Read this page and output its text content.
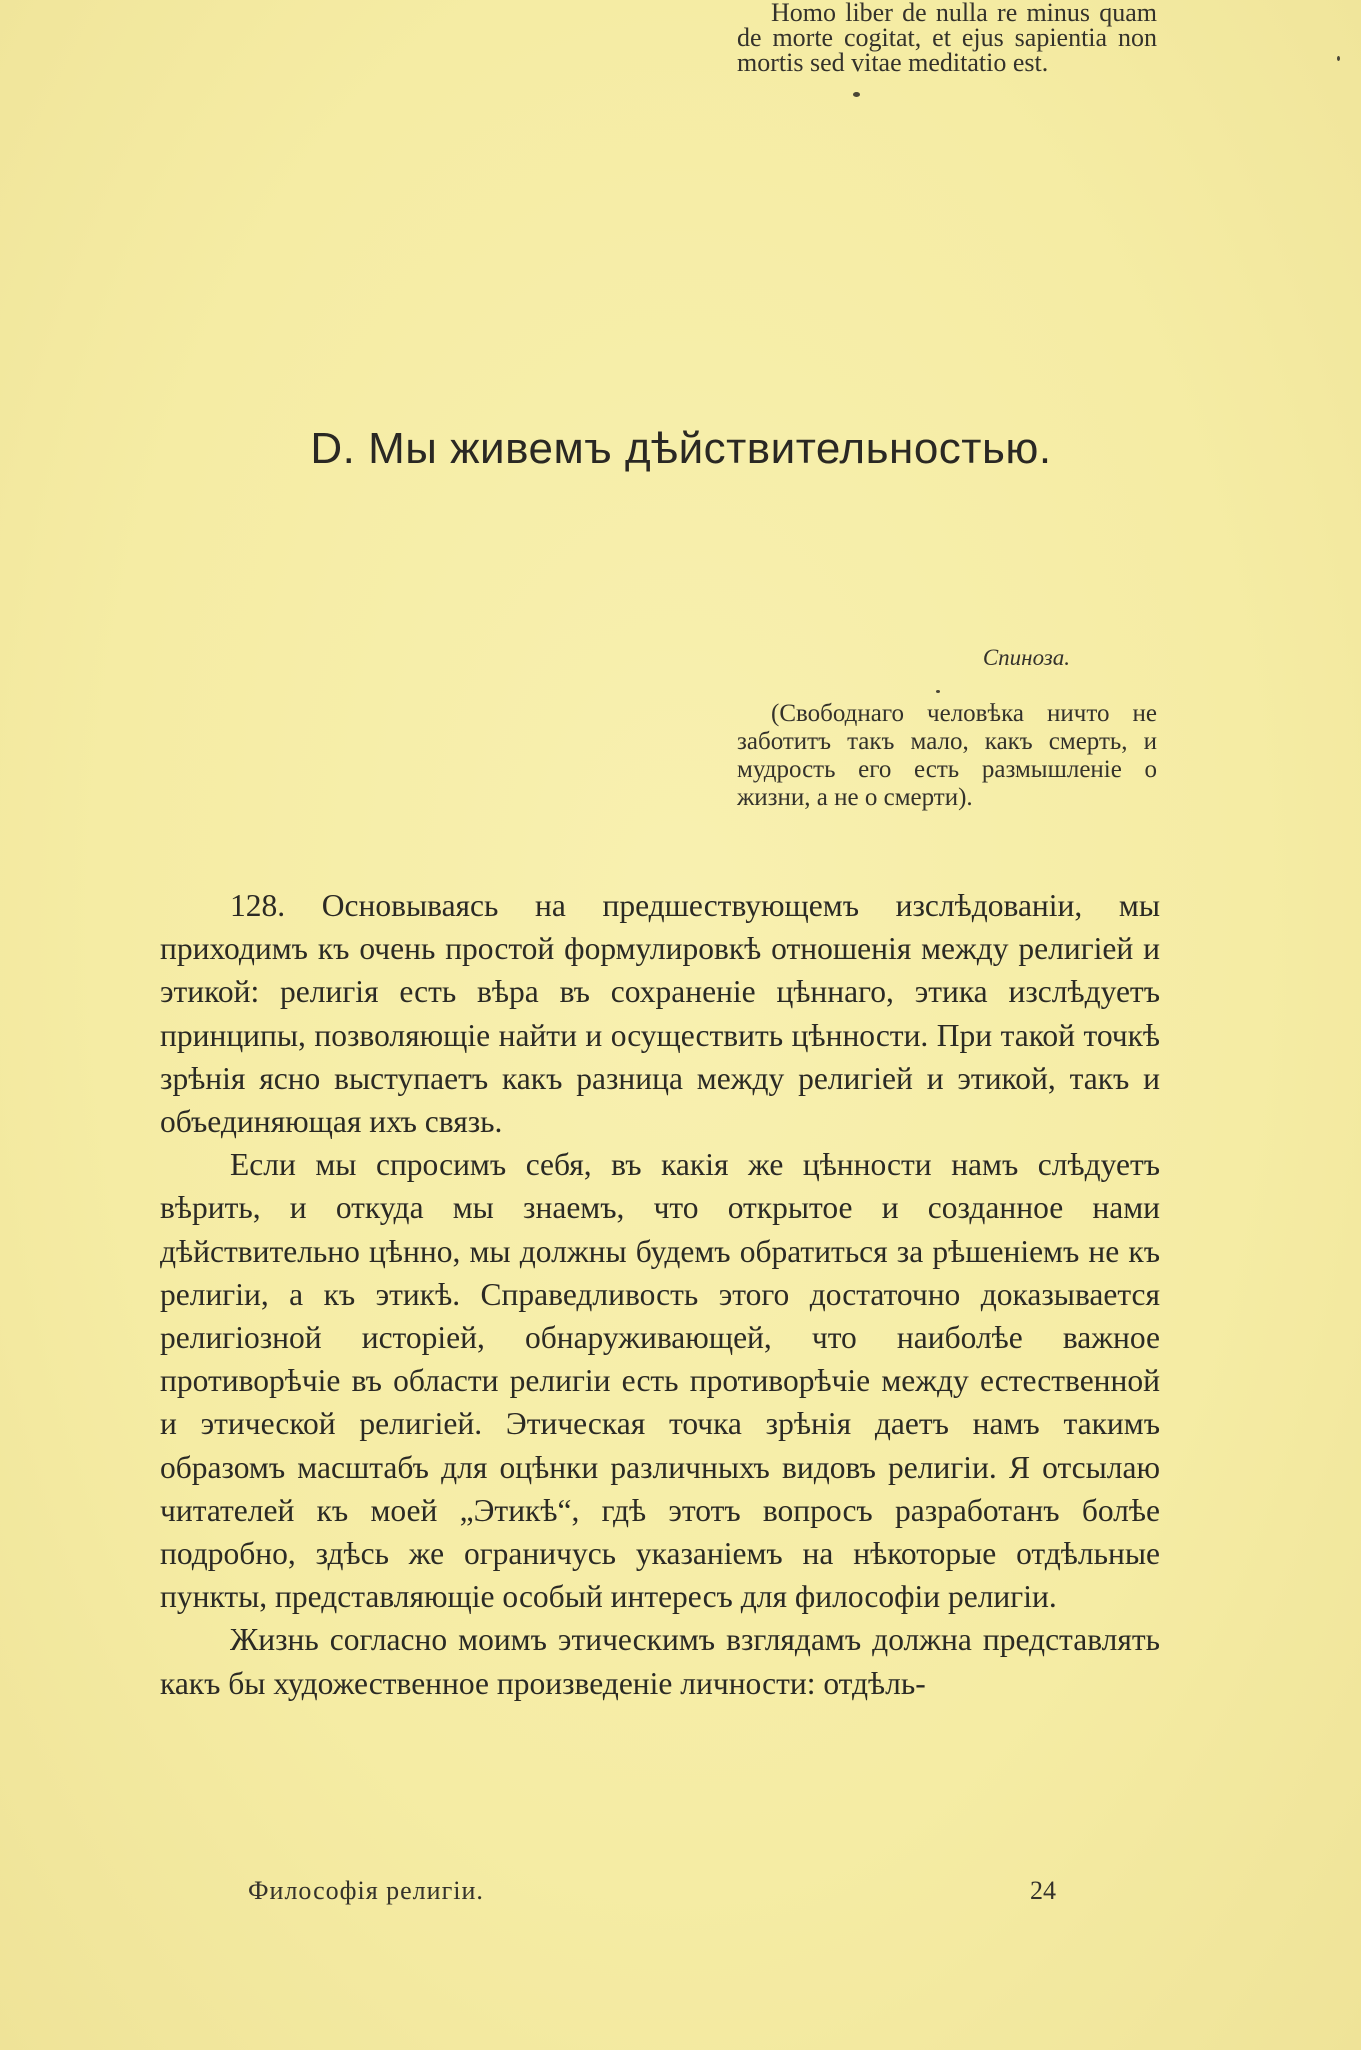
D. Мы живемъ дѣйствительностью.

Homo liber de nulla re minus quam de morte cogitat, et ejus sapientia non mortis sed vitae meditatio est.

Спиноза.

(Свободнаго человѣка ничто не заботитъ такъ мало, какъ смерть, и мудрость его есть размышленіе о жизни, а не о смерти).

128. Основываясь на предшествующемъ изслѣдованіи, мы приходимъ къ очень простой формулировкѣ отношенія между религіей и этикой: религія есть вѣра въ сохраненіе цѣннаго, этика изслѣдуетъ принципы, позволяющіе найти и осуществить цѣнности. При такой точкѣ зрѣнія ясно выступаетъ какъ разница между религіей и этикой, такъ и объединяющая ихъ связь.

Если мы спросимъ себя, въ какія же цѣнности намъ слѣдуетъ вѣрить, и откуда мы знаемъ, что открытое и созданное нами дѣйствительно цѣнно, мы должны будемъ обратиться за рѣшеніемъ не къ религіи, а къ этикѣ. Справедливость этого достаточно доказывается религіозной исторіей, обнаруживающей, что наиболѣе важное противорѣчіе въ области религіи есть противорѣчіе между естественной и этической религіей. Этическая точка зрѣнія даетъ намъ такимъ образомъ масштабъ для оцѣнки различныхъ видовъ религіи. Я отсылаю читателей къ моей „Этикѣ“, гдѣ этотъ вопросъ разработанъ болѣе подробно, здѣсь же ограничусь указаніемъ на нѣкоторые отдѣльные пункты, представляющіе особый интересъ для философіи религіи.

Жизнь согласно моимъ этическимъ взглядамъ должна представлять какъ бы художественное произведеніе личности: отдѣль-

Философія религіи.	24
